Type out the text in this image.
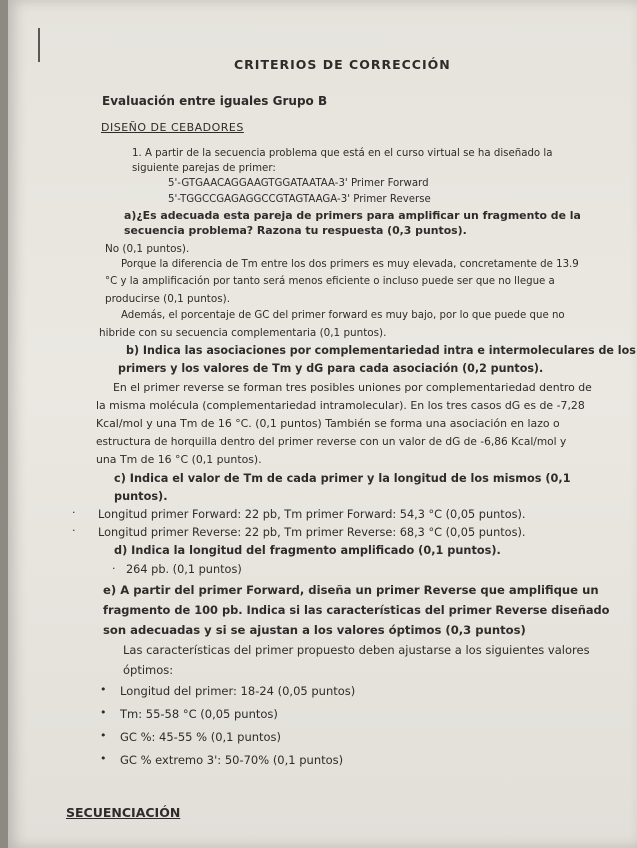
CRITERIOS DE CORRECCIÓN
Evaluación entre iguales Grupo B
DISEÑO DE CEBADORES
1. A partir de la secuencia problema que está en el curso virtual se ha diseñado la
siguiente parejas de primer:
5'-GTGAACAGGAAGTGGATAATAA-3' Primer Forward
5'-TGGCCGAGAGGCCGTAGTAAGA-3' Primer Reverse
a)¿Es adecuada esta pareja de primers para amplificar un fragmento de la
secuencia problema? Razona tu respuesta (0,3 puntos).
No (0,1 puntos).
Porque la diferencia de Tm entre los dos primers es muy elevada, concretamente de 13.9
°C y la amplificación por tanto será menos eficiente o incluso puede ser que no llegue a
producirse (0,1 puntos).
Además, el porcentaje de GC del primer forward es muy bajo, por lo que puede que no
hibride con su secuencia complementaria (0,1 puntos).
b) Indica las asociaciones por complementariedad intra e intermoleculares de los
primers y los valores de Tm y dG para cada asociación (0,2 puntos).
En el primer reverse se forman tres posibles uniones por complementariedad dentro de
la misma molécula (complementariedad intramolecular). En los tres casos dG es de -7,28
Kcal/mol y una Tm de 16 °C. (0,1 puntos) También se forma una asociación en lazo o
estructura de horquilla dentro del primer reverse con un valor de dG de -6,86 Kcal/mol y
una Tm de 16 °C (0,1 puntos).
c) Indica el valor de Tm de cada primer y la longitud de los mismos (0,1
puntos).
· Longitud primer Forward: 22 pb, Tm primer Forward: 54,3 °C (0,05 puntos).
· Longitud primer Reverse: 22 pb, Tm primer Reverse: 68,3 °C (0,05 puntos).
d) Indica la longitud del fragmento amplificado (0,1 puntos).
· 264 pb. (0,1 puntos)
e) A partir del primer Forward, diseña un primer Reverse que amplifique un
fragmento de 100 pb. Indica si las características del primer Reverse diseñado
son adecuadas y si se ajustan a los valores óptimos (0,3 puntos)
Las características del primer propuesto deben ajustarse a los siguientes valores
óptimos:
• Longitud del primer: 18-24 (0,05 puntos)
• Tm: 55-58 °C (0,05 puntos)
• GC %: 45-55 % (0,1 puntos)
• GC % extremo 3': 50-70% (0,1 puntos)
SECUENCIACIÓN
